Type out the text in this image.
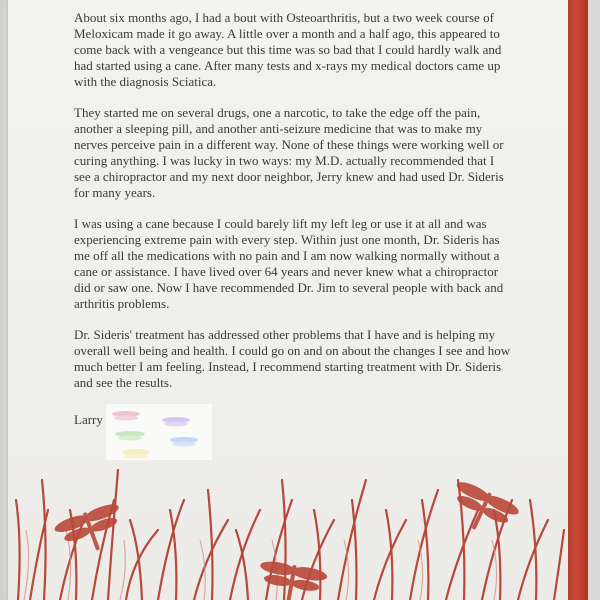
About six months ago, I had a bout with Osteoarthritis, but a two week course of Meloxicam made it go away. A little over a month and a half ago, this appeared to come back with a vengeance but this time was so bad that I could hardly walk and had started using a cane. After many tests and x-rays my medical doctors came up with the diagnosis Sciatica.

They started me on several drugs, one a narcotic, to take the edge off the pain, another a sleeping pill, and another anti-seizure medicine that was to make my nerves perceive pain in a different way. None of these things were working well or curing anything. I was lucky in two ways: my M.D. actually recommended that I see a chiropractor and my next door neighbor, Jerry knew and had used Dr. Sideris for many years.

I was using a cane because I could barely lift my left leg or use it at all and was experiencing extreme pain with every step. Within just one month, Dr. Sideris has me off all the medications with no pain and I am now walking normally without a cane or assistance. I have lived over 64 years and never knew what a chiropractor did or saw one. Now I have recommended Dr. Jim to several people with back and arthritis problems.

Dr. Sideris' treatment has addressed other problems that I have and is helping my overall well being and health. I could go on and on about the changes I see and how much better I am feeling. Instead, I recommend starting treatment with Dr. Sideris and see the results.

Larry
